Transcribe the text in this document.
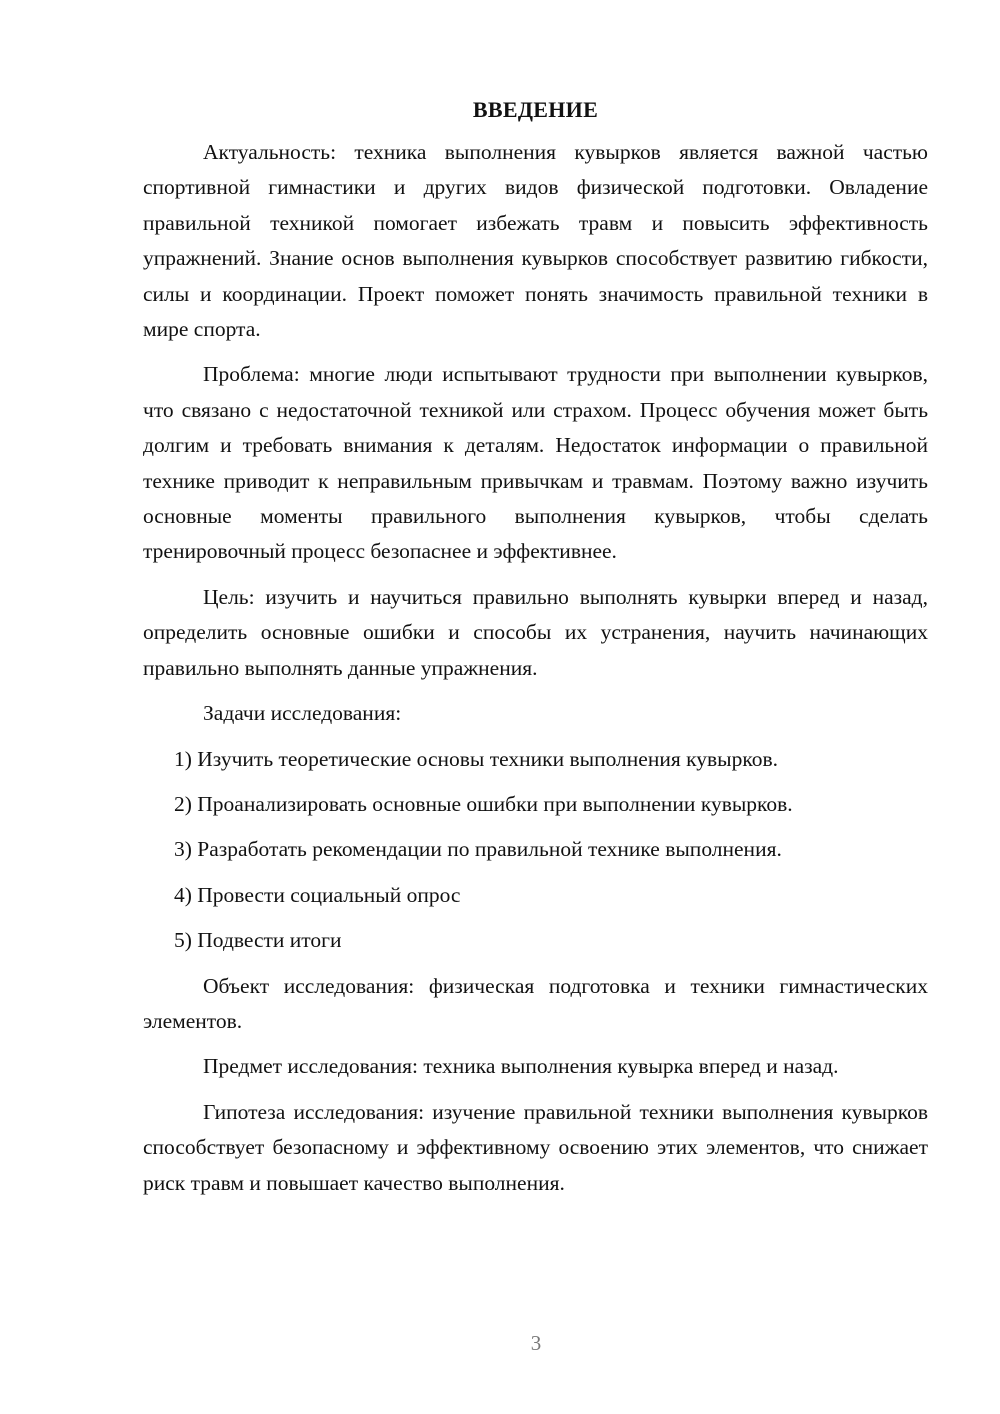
ВВЕДЕНИЕ

Актуальность: техника выполнения кувырков является важной частью спортивной гимнастики и других видов физической подготовки. Овладение правильной техникой помогает избежать травм и повысить эффективность упражнений. Знание основ выполнения кувырков способствует развитию гибкости, силы и координации. Проект поможет понять значимость правильной техники в мире спорта.

Проблема: многие люди испытывают трудности при выполнении кувырков, что связано с недостаточной техникой или страхом. Процесс обучения может быть долгим и требовать внимания к деталям. Недостаток информации о правильной технике приводит к неправильным привычкам и травмам. Поэтому важно изучить основные моменты правильного выполнения кувырков, чтобы сделать тренировочный процесс безопаснее и эффективнее.

Цель: изучить и научиться правильно выполнять кувырки вперед и назад, определить основные ошибки и способы их устранения, научить начинающих правильно выполнять данные упражнения.

Задачи исследования:

1) Изучить теоретические основы техники выполнения кувырков.
2) Проанализировать основные ошибки при выполнении кувырков.
3) Разработать рекомендации по правильной технике выполнения.
4) Провести социальный опрос
5) Подвести итоги

Объект исследования: физическая подготовка и техники гимнастических элементов.

Предмет исследования: техника выполнения кувырка вперед и назад.

Гипотеза исследования: изучение правильной техники выполнения кувырков способствует безопасному и эффективному освоению этих элементов, что снижает риск травм и повышает качество выполнения.

3
